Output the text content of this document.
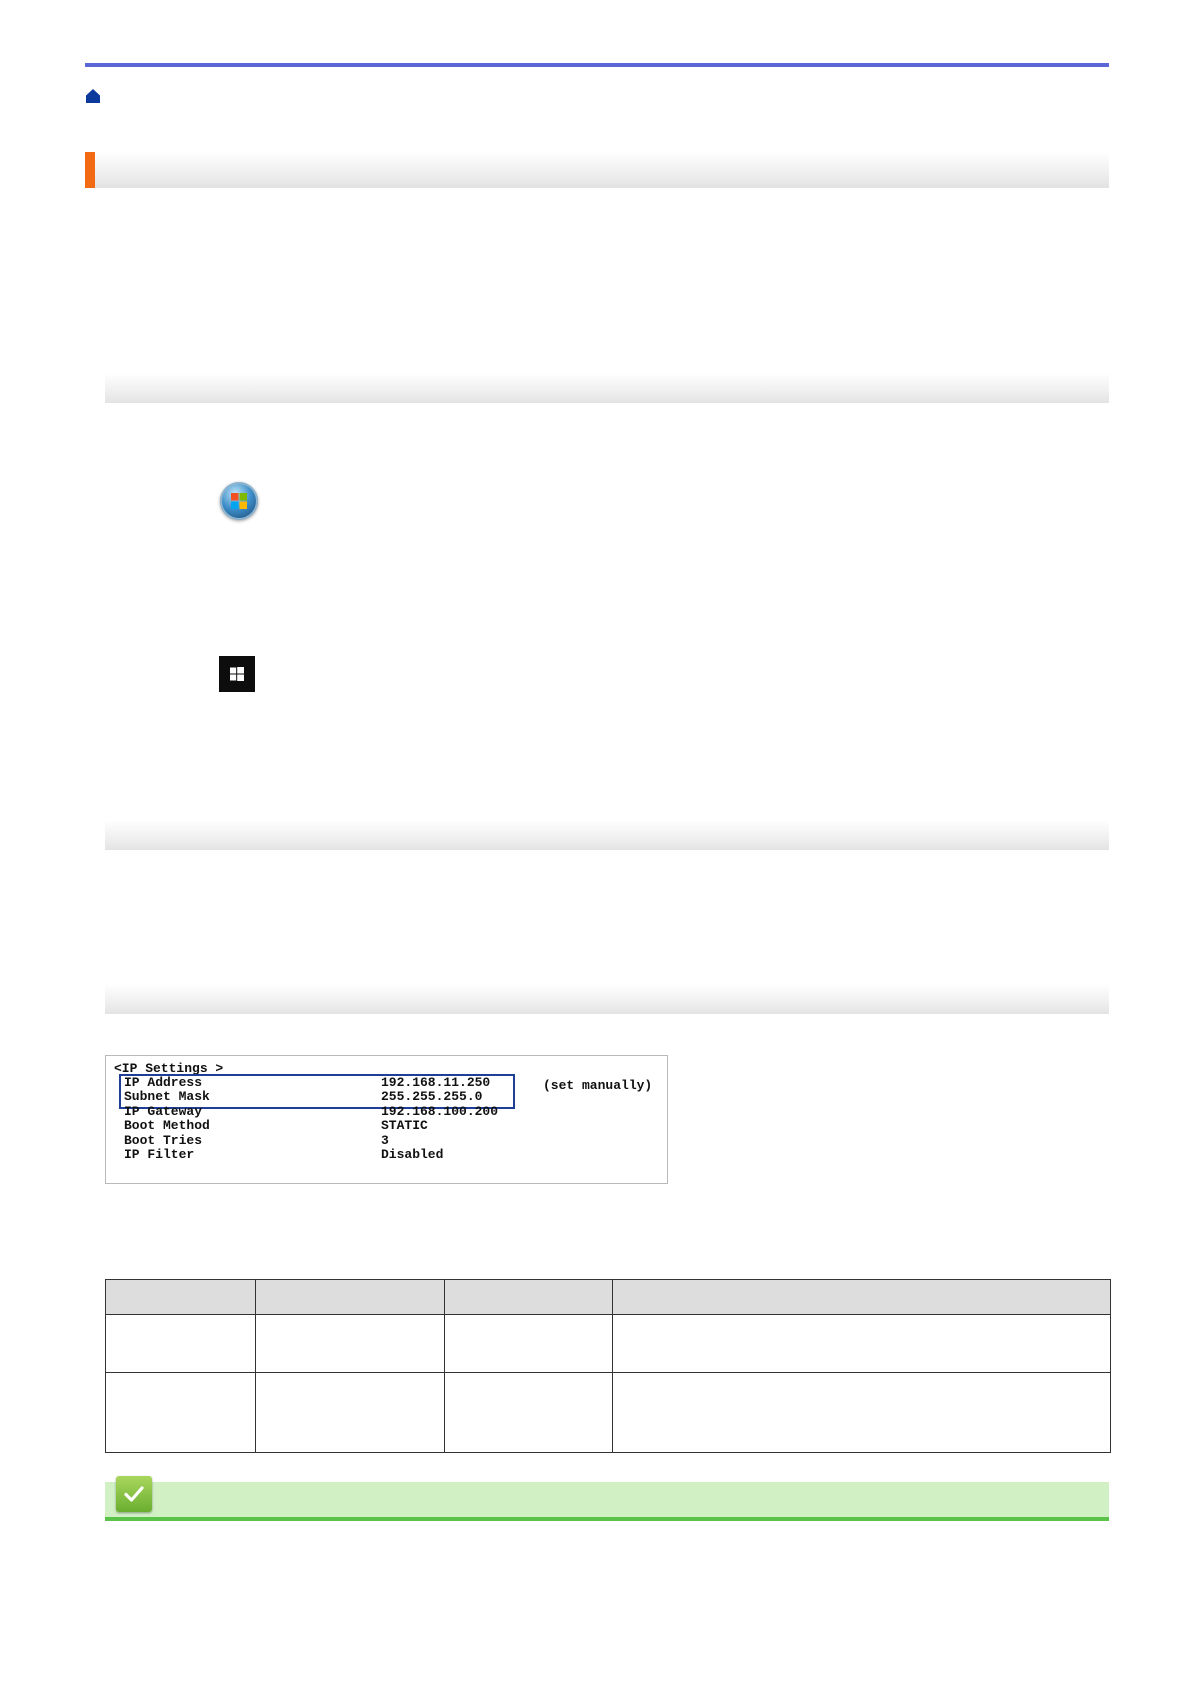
<IP Settings >
IP Address	192.168.11.250
Subnet Mask	255.255.255.0
IP Gateway	192.168.100.200
Boot Method	STATIC
Boot Tries	3
IP Filter	Disabled
(set manually)
